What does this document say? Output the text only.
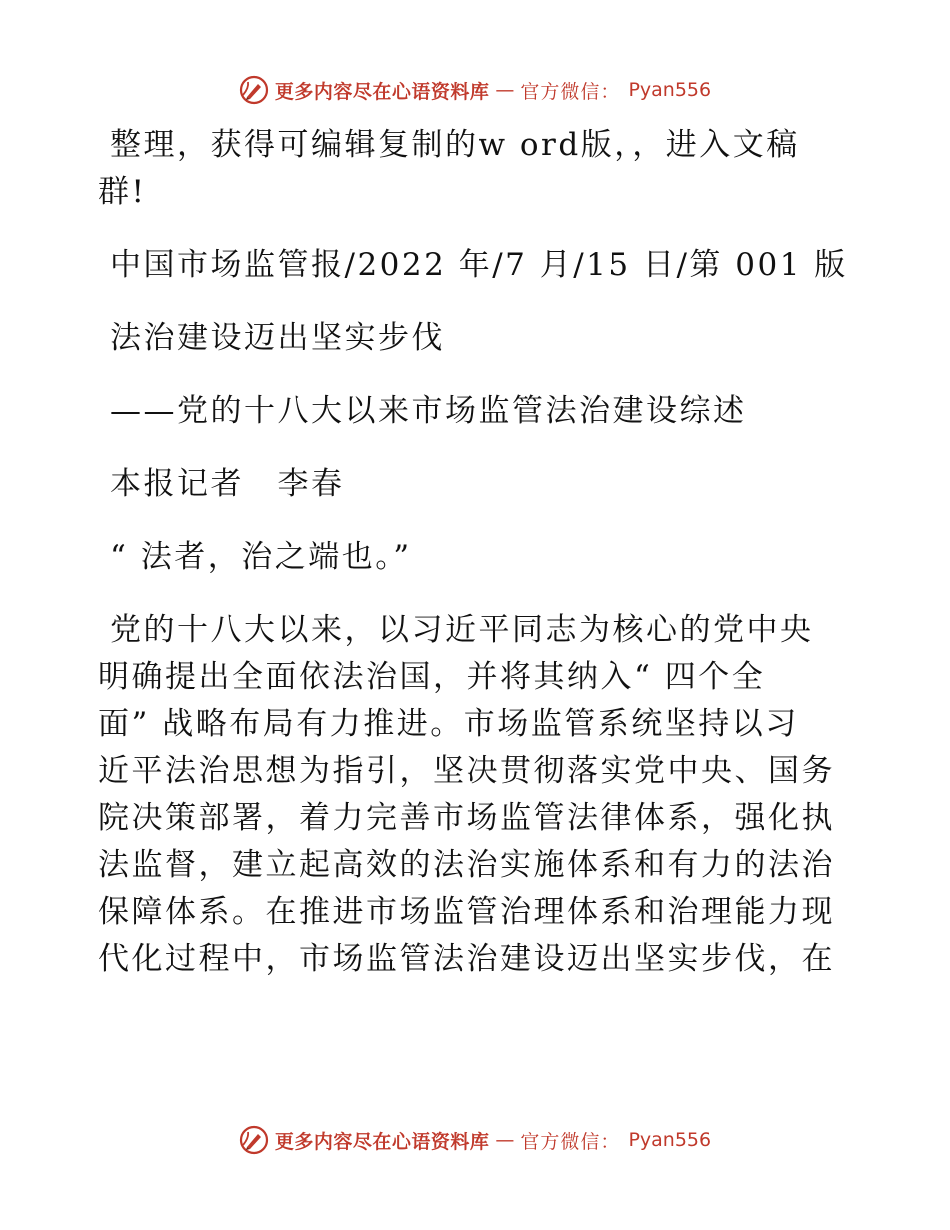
更多内容尽在心语资料库 — 官方微信： Pyan556

整理，获得可编辑复制的w ord版，，进入文稿

群!

中国市场监管报/2022 年/7 月/15 日/第 001 版

法治建设迈出坚实步伐

——党的十八大以来市场监管法治建设综述

本报记者　李春

“ 法者，治之端也。”

党的十八大以来，以习近平同志为核心的党中央

明确提出全面依法治国，并将其纳入“ 四个全

面” 战略布局有力推进。市场监管系统坚持以习

近平法治思想为指引，坚决贯彻落实党中央、国务

院决策部署，着力完善市场监管法律体系，强化执

法监督，建立起高效的法治实施体系和有力的法治

保障体系。在推进市场监管治理体系和治理能力现

代化过程中，市场监管法治建设迈出坚实步伐，在

更多内容尽在心语资料库 — 官方微信： Pyan556
